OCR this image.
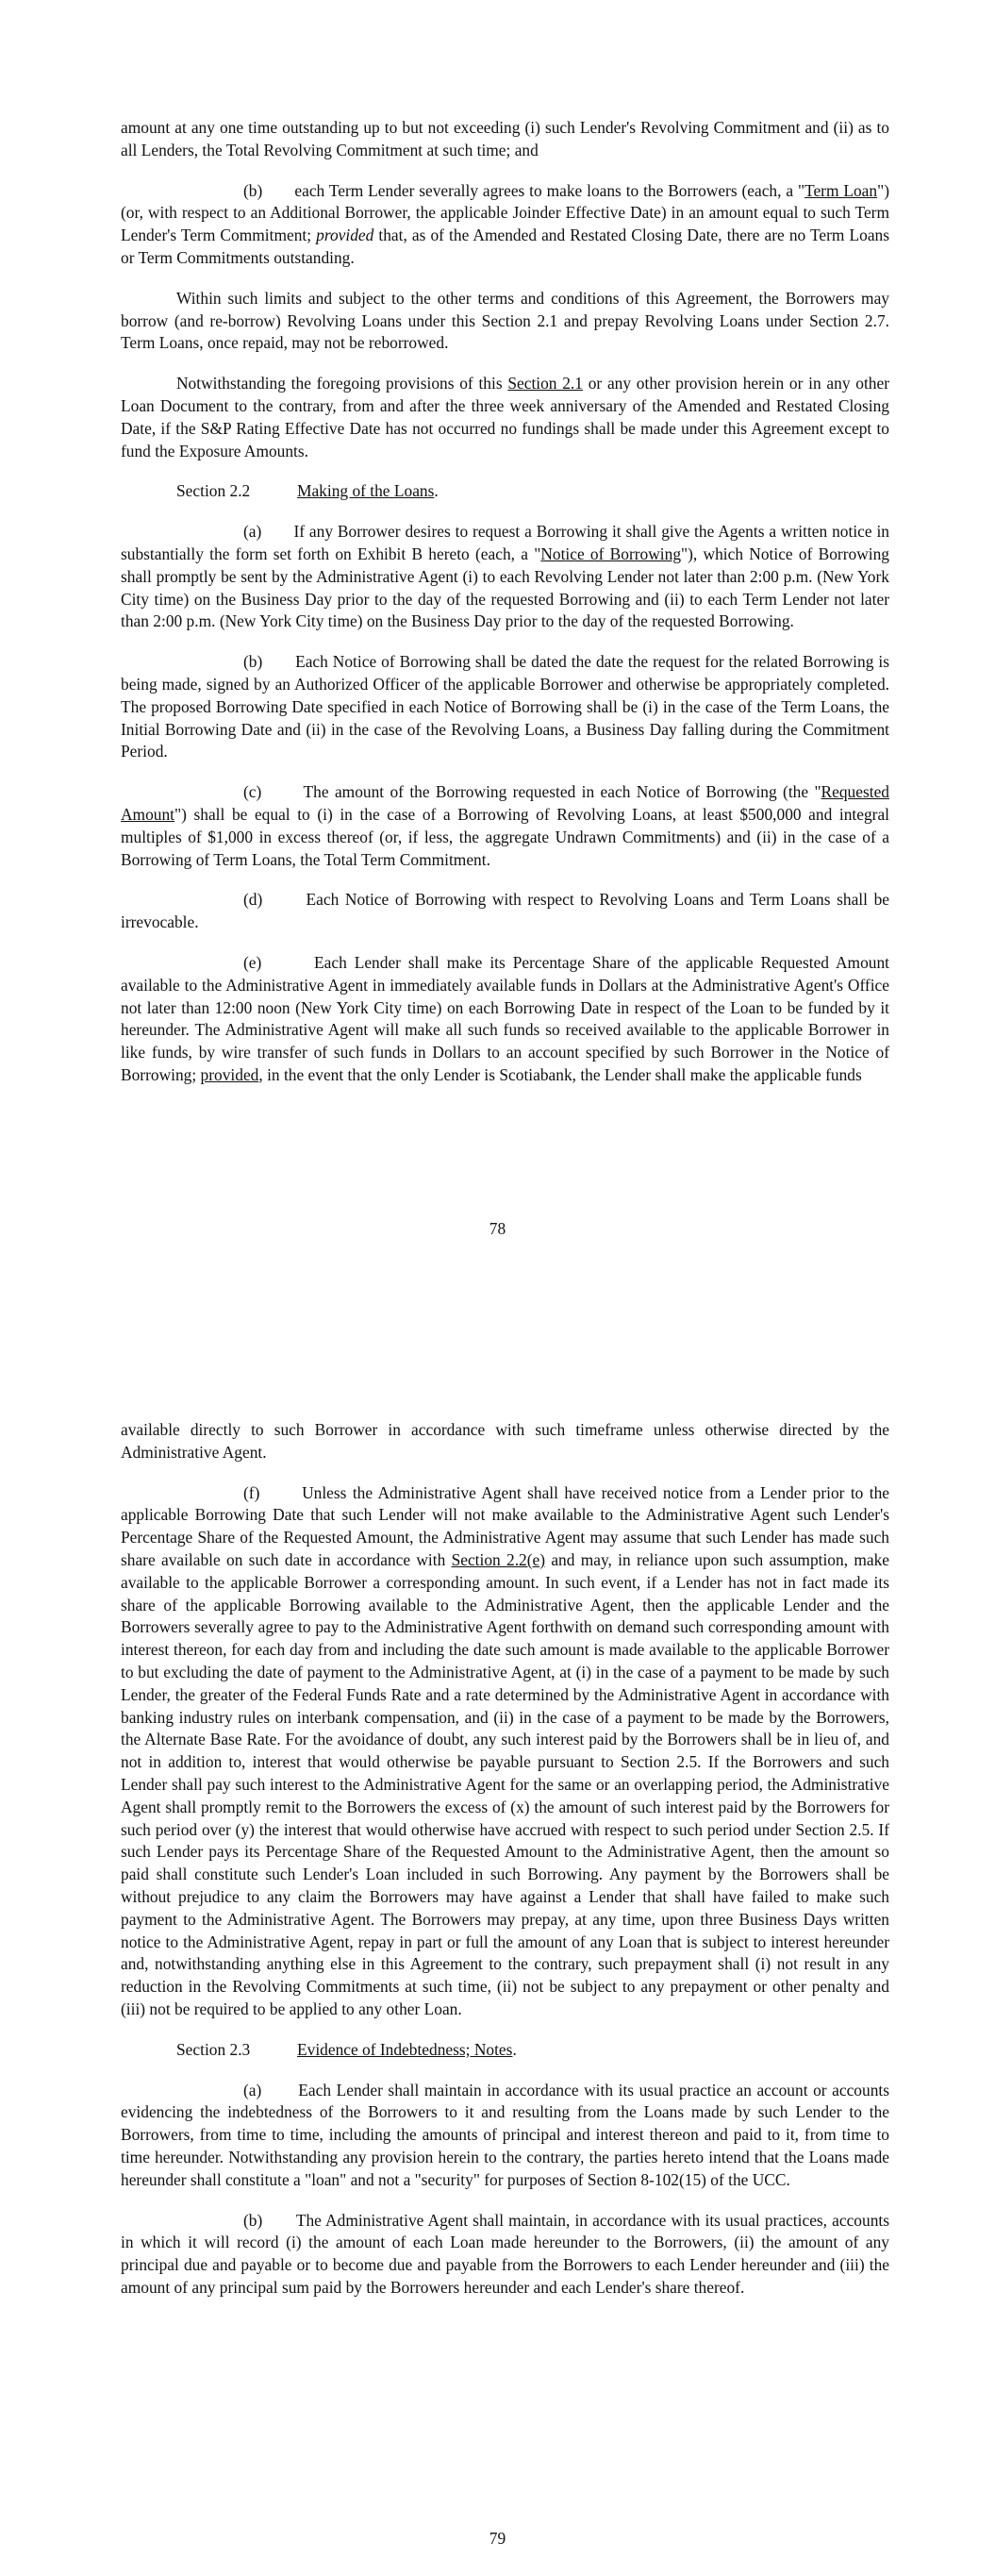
amount at any one time outstanding up to but not exceeding (i) such Lender's Revolving Commitment and (ii) as to all Lenders, the Total Revolving Commitment at such time; and

(b)       each Term Lender severally agrees to make loans to the Borrowers (each, a "Term Loan") (or, with respect to an Additional Borrower, the applicable Joinder Effective Date) in an amount equal to such Term Lender's Term Commitment; provided that, as of the Amended and Restated Closing Date, there are no Term Loans or Term Commitments outstanding.

Within such limits and subject to the other terms and conditions of this Agreement, the Borrowers may borrow (and re-borrow) Revolving Loans under this Section 2.1 and prepay Revolving Loans under Section 2.7. Term Loans, once repaid, may not be reborrowed.

Notwithstanding the foregoing provisions of this Section 2.1 or any other provision herein or in any other Loan Document to the contrary, from and after the three week anniversary of the Amended and Restated Closing Date, if the S&P Rating Effective Date has not occurred no fundings shall be made under this Agreement except to fund the Exposure Amounts.

Section 2.2	Making of the Loans.

(a)       If any Borrower desires to request a Borrowing it shall give the Agents a written notice in substantially the form set forth on Exhibit B hereto (each, a "Notice of Borrowing"), which Notice of Borrowing shall promptly be sent by the Administrative Agent (i) to each Revolving Lender not later than 2:00 p.m. (New York City time) on the Business Day prior to the day of the requested Borrowing and (ii) to each Term Lender not later than 2:00 p.m. (New York City time) on the Business Day prior to the day of the requested Borrowing.

(b)       Each Notice of Borrowing shall be dated the date the request for the related Borrowing is being made, signed by an Authorized Officer of the applicable Borrower and otherwise be appropriately completed. The proposed Borrowing Date specified in each Notice of Borrowing shall be (i) in the case of the Term Loans, the Initial Borrowing Date and (ii) in the case of the Revolving Loans, a Business Day falling during the Commitment Period.

(c)       The amount of the Borrowing requested in each Notice of Borrowing (the "Requested Amount") shall be equal to (i) in the case of a Borrowing of Revolving Loans, at least $500,000 and integral multiples of $1,000 in excess thereof (or, if less, the aggregate Undrawn Commitments) and (ii) in the case of a Borrowing of Term Loans, the Total Term Commitment.

(d)       Each Notice of Borrowing with respect to Revolving Loans and Term Loans shall be irrevocable.

(e)	Each Lender shall make its Percentage Share of the applicable Requested Amount available to the Administrative Agent in immediately available funds in Dollars at the Administrative Agent's Office not later than 12:00 noon (New York City time) on each Borrowing Date in respect of the Loan to be funded by it hereunder. The Administrative Agent will make all such funds so received available to the applicable Borrower in like funds, by wire transfer of such funds in Dollars to an account specified by such Borrower in the Notice of Borrowing; provided, in the event that the only Lender is Scotiabank, the Lender shall make the applicable funds

78

available directly to such Borrower in accordance with such timeframe unless otherwise directed by the Administrative Agent.

(f)       Unless the Administrative Agent shall have received notice from a Lender prior to the applicable Borrowing Date that such Lender will not make available to the Administrative Agent such Lender's Percentage Share of the Requested Amount, the Administrative Agent may assume that such Lender has made such share available on such date in accordance with Section 2.2(e) and may, in reliance upon such assumption, make available to the applicable Borrower a corresponding amount. In such event, if a Lender has not in fact made its share of the applicable Borrowing available to the Administrative Agent, then the applicable Lender and the Borrowers severally agree to pay to the Administrative Agent forthwith on demand such corresponding amount with interest thereon, for each day from and including the date such amount is made available to the applicable Borrower to but excluding the date of payment to the Administrative Agent, at (i) in the case of a payment to be made by such Lender, the greater of the Federal Funds Rate and a rate determined by the Administrative Agent in accordance with banking industry rules on interbank compensation, and (ii) in the case of a payment to be made by the Borrowers, the Alternate Base Rate. For the avoidance of doubt, any such interest paid by the Borrowers shall be in lieu of, and not in addition to, interest that would otherwise be payable pursuant to Section 2.5. If the Borrowers and such Lender shall pay such interest to the Administrative Agent for the same or an overlapping period, the Administrative Agent shall promptly remit to the Borrowers the excess of (x) the amount of such interest paid by the Borrowers for such period over (y) the interest that would otherwise have accrued with respect to such period under Section 2.5. If such Lender pays its Percentage Share of the Requested Amount to the Administrative Agent, then the amount so paid shall constitute such Lender's Loan included in such Borrowing. Any payment by the Borrowers shall be without prejudice to any claim the Borrowers may have against a Lender that shall have failed to make such payment to the Administrative Agent. The Borrowers may prepay, at any time, upon three Business Days written notice to the Administrative Agent, repay in part or full the amount of any Loan that is subject to interest hereunder and, notwithstanding anything else in this Agreement to the contrary, such prepayment shall (i) not result in any reduction in the Revolving Commitments at such time, (ii) not be subject to any prepayment or other penalty and (iii) not be required to be applied to any other Loan.

Section 2.3	Evidence of Indebtedness; Notes.

(a)       Each Lender shall maintain in accordance with its usual practice an account or accounts evidencing the indebtedness of the Borrowers to it and resulting from the Loans made by such Lender to the Borrowers, from time to time, including the amounts of principal and interest thereon and paid to it, from time to time hereunder. Notwithstanding any provision herein to the contrary, the parties hereto intend that the Loans made hereunder shall constitute a "loan" and not a "security" for purposes of Section 8-102(15) of the UCC.

(b)       The Administrative Agent shall maintain, in accordance with its usual practices, accounts in which it will record (i) the amount of each Loan made hereunder to the Borrowers, (ii) the amount of any principal due and payable or to become due and payable from the Borrowers to each Lender hereunder and (iii) the amount of any principal sum paid by the Borrowers hereunder and each Lender's share thereof.

79
